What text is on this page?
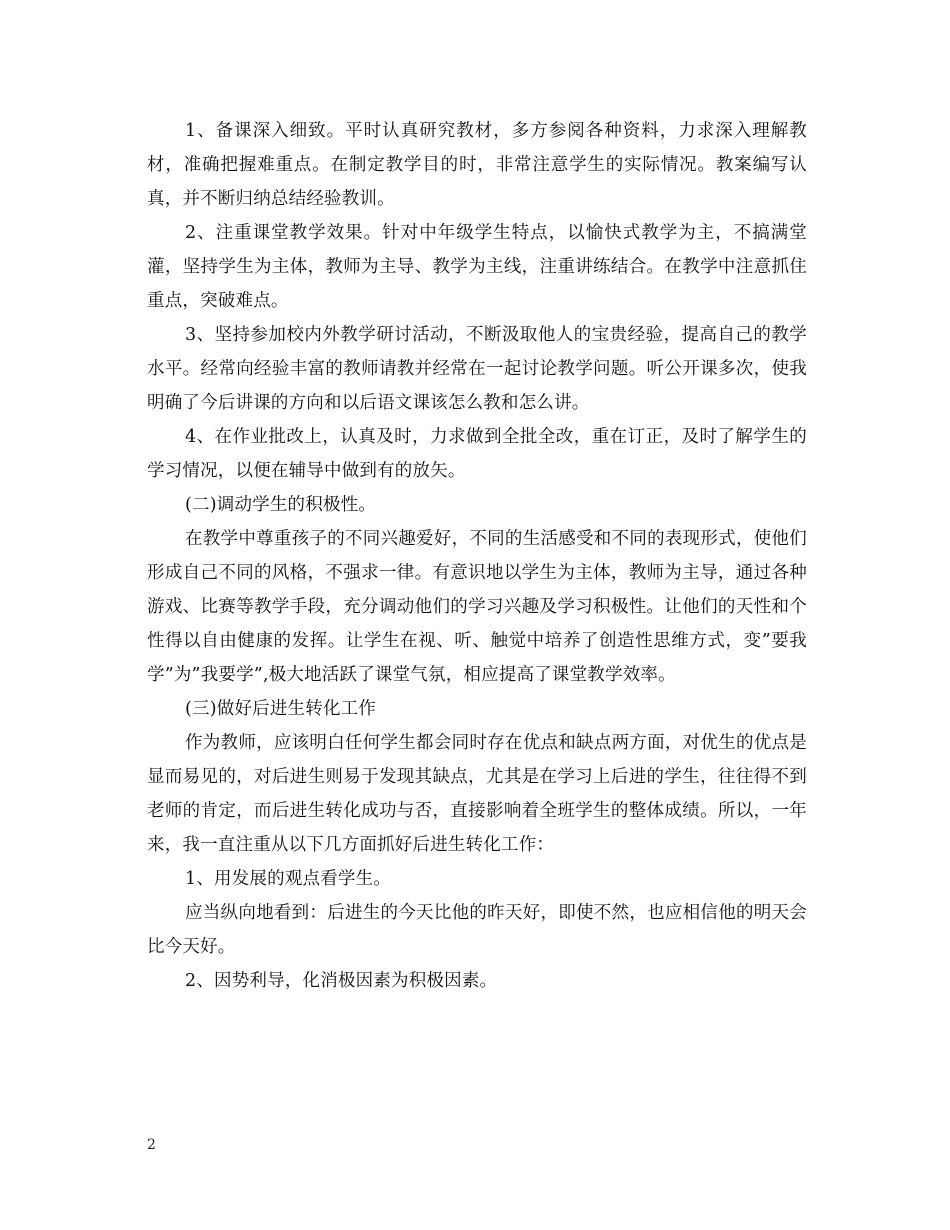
1、备课深入细致。平时认真研究教材，多方参阅各种资料，力求深入理解教材，准确把握难重点。在制定教学目的时，非常注意学生的实际情况。教案编写认真，并不断归纳总结经验教训。

2、注重课堂教学效果。针对中年级学生特点，以愉快式教学为主，不搞满堂灌，坚持学生为主体，教师为主导、教学为主线，注重讲练结合。在教学中注意抓住重点，突破难点。

3、坚持参加校内外教学研讨活动，不断汲取他人的宝贵经验，提高自己的教学水平。经常向经验丰富的教师请教并经常在一起讨论教学问题。听公开课多次，使我明确了今后讲课的方向和以后语文课该怎么教和怎么讲。

4、在作业批改上，认真及时，力求做到全批全改，重在订正，及时了解学生的学习情况，以便在辅导中做到有的放矢。

(二)调动学生的积极性。

在教学中尊重孩子的不同兴趣爱好，不同的生活感受和不同的表现形式，使他们形成自己不同的风格，不强求一律。有意识地以学生为主体，教师为主导，通过各种游戏、比赛等教学手段，充分调动他们的学习兴趣及学习积极性。让他们的天性和个性得以自由健康的发挥。让学生在视、听、触觉中培养了创造性思维方式，变”要我学”为”我要学”,极大地活跃了课堂气氛，相应提高了课堂教学效率。

(三)做好后进生转化工作

作为教师，应该明白任何学生都会同时存在优点和缺点两方面，对优生的优点是显而易见的，对后进生则易于发现其缺点，尤其是在学习上后进的学生，往往得不到老师的肯定，而后进生转化成功与否，直接影响着全班学生的整体成绩。所以，一年来，我一直注重从以下几方面抓好后进生转化工作：

1、用发展的观点看学生。

应当纵向地看到：后进生的今天比他的昨天好，即使不然，也应相信他的明天会比今天好。

2、因势利导，化消极因素为积极因素。

2
